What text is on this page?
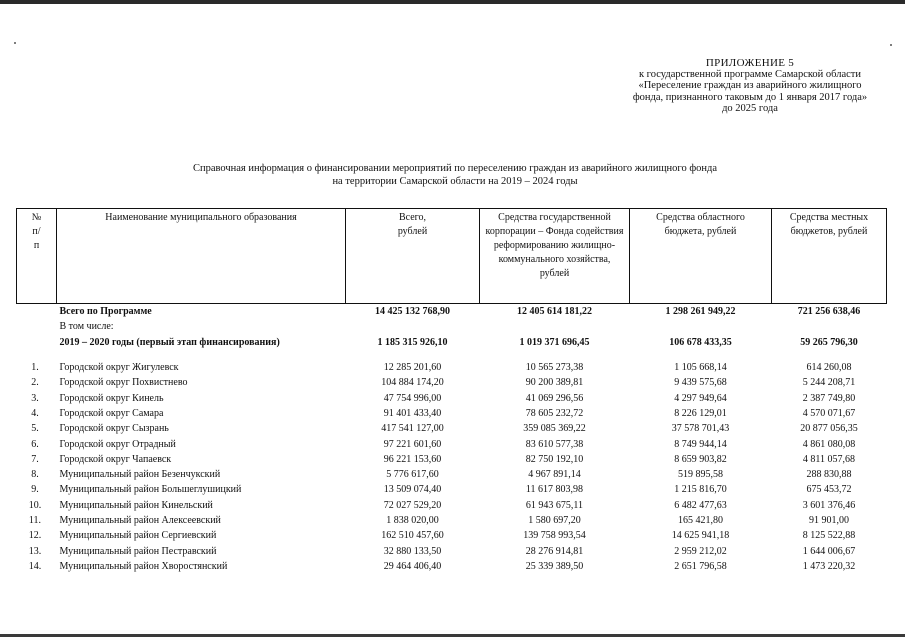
ПРИЛОЖЕНИЕ 5
к государственной программе Самарской области
«Переселение граждан из аварийного жилищного
фонда, признанного таковым до 1 января 2017 года»
до 2025 года
Справочная информация о финансировании мероприятий по переселению граждан из аварийного жилищного фонда
на территории Самарской области на 2019 – 2024 годы
№ п/п	Наименование муниципального образования	Всего, рублей	Средства государственной корпорации – Фонда содействия реформированию жилищно-коммунального хозяйства, рублей	Средства областного бюджета, рублей	Средства местных бюджетов, рублей
	Всего по Программе	14 425 132 768,90	12 405 614 181,22	1 298 261 949,22	721 256 638,46
	В том числе:				
	2019 – 2020 годы (первый этап финансирования)	1 185 315 926,10	1 019 371 696,45	106 678 433,35	59 265 796,30

1.	Городской округ Жигулевск	12 285 201,60	10 565 273,38	1 105 668,14	614 260,08
2.	Городской округ Похвистнево	104 884 174,20	90 200 389,81	9 439 575,68	5 244 208,71
3.	Городской округ Кинель	47 754 996,00	41 069 296,56	4 297 949,64	2 387 749,80
4.	Городской округ Самара	91 401 433,40	78 605 232,72	8 226 129,01	4 570 071,67
5.	Городской округ Сызрань	417 541 127,00	359 085 369,22	37 578 701,43	20 877 056,35
6.	Городской округ Отрадный	97 221 601,60	83 610 577,38	8 749 944,14	4 861 080,08
7.	Городской округ Чапаевск	96 221 153,60	82 750 192,10	8 659 903,82	4 811 057,68
8.	Муниципальный район Безенчукский	5 776 617,60	4 967 891,14	519 895,58	288 830,88
9.	Муниципальный район Большеглушицкий	13 509 074,40	11 617 803,98	1 215 816,70	675 453,72
10.	Муниципальный район Кинельский	72 027 529,20	61 943 675,11	6 482 477,63	3 601 376,46
11.	Муниципальный район Алексеевский	1 838 020,00	1 580 697,20	165 421,80	91 901,00
12.	Муниципальный район Сергиевский	162 510 457,60	139 758 993,54	14 625 941,18	8 125 522,88
13.	Муниципальный район Пестравский	32 880 133,50	28 276 914,81	2 959 212,02	1 644 006,67
14.	Муниципальный район Хворостянский	29 464 406,40	25 339 389,50	2 651 796,58	1 473 220,32
